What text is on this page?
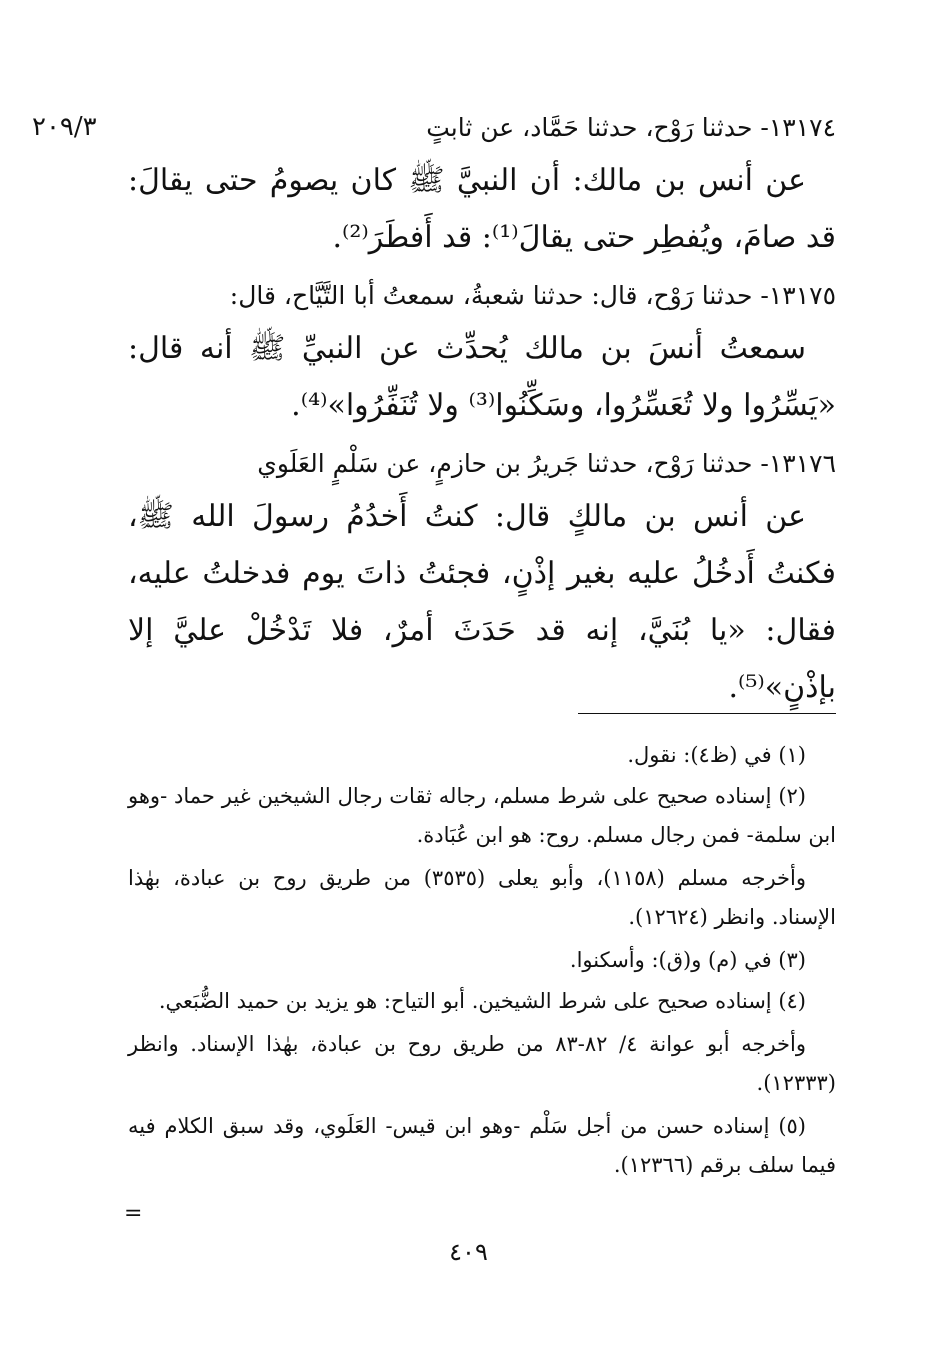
٢٠٩/٣	١٣١٧٤- حدثنا رَوْح، حدثنا حَمَّاد، عن ثابتٍ

عن أنس بن مالك: أن النبيَّ ﷺ كان يصومُ حتى يقالَ: قد صامَ، ويُفطِر حتى يقالَ⁽¹⁾: قد أَفطَرَ⁽²⁾.

١٣١٧٥- حدثنا رَوْح، قال: حدثنا شعبةُ، سمعتُ أبا التَّيَّاح، قال:

سمعتُ أنسَ بن مالك يُحدِّث عن النبيِّ ﷺ أنه قال: «يَسِّرُوا ولا تُعَسِّرُوا، وسَكِّنُوا⁽³⁾ ولا تُنَفِّرُوا»⁽⁴⁾.

١٣١٧٦- حدثنا رَوْح، حدثنا جَريرُ بن حازمٍ، عن سَلْمٍ العَلَوي

عن أنس بن مالكٍ قال: كنتُ أَخدُمُ رسولَ الله ﷺ، فكنتُ أَدخُلُ عليه بغير إذْنٍ، فجئتُ ذاتَ يوم فدخلتُ عليه، فقال: «يا بُنَيَّ، إنه قد حَدَثَ أمرٌ، فلا تَدْخُلْ عليَّ إلا بإذْنٍ»⁽⁵⁾.

(١) في (ظ٤): نقول.

(٢) إسناده صحيح على شرط مسلم، رجاله ثقات رجال الشيخين غير حماد -وهو ابن سلمة- فمن رجال مسلم. روح: هو ابن عُبَادة.

وأخرجه مسلم (١١٥٨)، وأبو يعلى (٣٥٣٥) من طريق روح بن عبادة، بهٰذا الإسناد. وانظر (١٢٦٢٤).

(٣) في (م) و(ق): وأسكنوا.

(٤) إسناده صحيح على شرط الشيخين. أبو التياح: هو يزيد بن حميد الضُّبَعي.

وأخرجه أبو عوانة ٤/ ٨٢-٨٣ من طريق روح بن عبادة، بهٰذا الإسناد. وانظر (١٢٣٣٣).

(٥) إسناده حسن من أجل سَلْم -وهو ابن قيس- العَلَوي، وقد سبق الكلام فيه فيما سلف برقم (١٢٣٦٦).

=
٤٠٩
